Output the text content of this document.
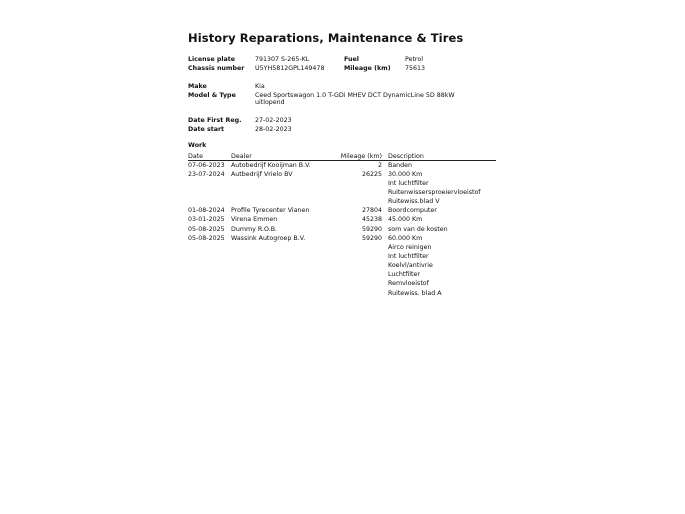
History Reparations, Maintenance & Tires
License plate	791307 S-265-KL	Fuel	Petrol
Chassis number U5YH5812GPL149478	Mileage (km) 75613
Make	Kia
Model & Type	Ceed Sportswagon 1.0 T-GDi MHEV DCT DynamicLine 5D 88kW
uitlopend
Date First Reg. 27-02-2023
Date start	28-02-2023
Work
Date	Dealer	Mileage (km) Description
07-06-2023 Autobedrijf Kooijman B.V.	2 Banden
23-07-2024 Autbedrijf Vrielo BV	26225 30.000 Km
Int luchtfilter
Ruitenwissersproeiervloeistof
Ruitewiss.blad V
01-08-2024 Profile Tyrecenter Vianen	27804 Boordcomputer
03-01-2025 Virena Emmen	45238 45.000 Km
05-08-2025 Dummy R.O.B.	59290 som van de kosten
05-08-2025 Wassink Autogroep B.V.	59290 60.000 Km
Airco reinigen
Int luchtfilter
Koelvl/antivrie
Luchtfilter
Remvloeistof
Ruitewiss. blad A
